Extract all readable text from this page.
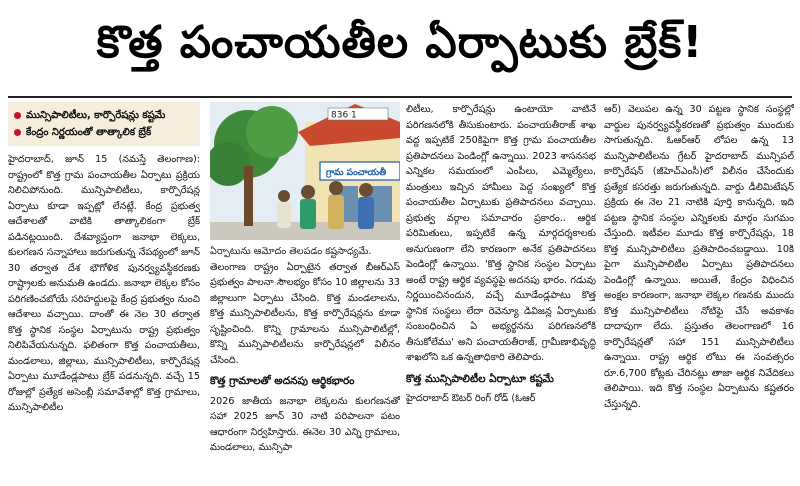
కొత్త పంచాయతీల ఏర్పాటుకు బ్రేక్!
మున్సిపాలిటీలు, కార్పొరేషన్లు కష్టమే
కేంద్రం నిర్ణయంతో తాత్కాలిక బ్రేక్

హైదరాబాద్, జూన్ 15 (నమస్తే తెలంగాణ): రాష్ట్రంలో కొత్త గ్రామ పంచాయతీల ఏర్పాటు ప్రక్రియ నిలిచిపోనుంది. మున్సిపాలిటీలు, కార్పొరేషన్ల ఏర్పాటు కూడా ఇప్పట్లో లేనట్లే. కేంద్ర ప్రభుత్వ ఆదేశాలతో వాటికి తాత్కాలికంగా బ్రేక్ పడినట్లయింది. దేశవ్యాప్తంగా జనాభా లెక్కలు, కులగణన సన్నాహాలు జరుగుతున్న నేపథ్యంలో జూన్ 30 తర్వాత దేశ భౌగోళిక పునర్వ్యవస్థీకరణకు రాష్ట్రాలకు అనుమతి ఉండదు. జనాభా లెక్కల కోసం పరిగణించబోయే సరిహద్దులపై కేంద్ర ప్రభుత్వం నుంచి ఆదేశాలు వచ్చాయి. దాంతో ఈ నెల 30 తర్వాత కొత్త స్థానిక సంస్థల ఏర్పాటును రాష్ట్ర ప్రభుత్వం నిలిపివేయనున్నది. ఫలితంగా కొత్త పంచాయతీలు, మండలాలు, జిల్లాలు, మున్సిపాలిటీలు, కార్పొరేషన్ల ఏర్పాటు మూడేండ్లపాటు బ్రేక్ పడనున్నది. వచ్చే 15 రోజుల్లో ప్రత్యేక అసెంబ్లీ సమావేశాల్లో కొత్త గ్రామాలు, మున్సిపాలిటీల

836 1
గ్రామ పంచాయతీ

ఏర్పాటును ఆమోదం తెలపడం కష్టసాధ్యమే.

తెలంగాణ రాష్ట్రం ఏర్పాటైన తర్వాత బీఆర్ఎస్ ప్రభుత్వం పాలనా సౌలభ్యం కోసం 10 జిల్లాలను 33 జిల్లాలుగా ఏర్పాటు చేసింది. కొత్త మండలాలను, కొత్త మున్సిపాలిటీలను, కొత్త కార్పొరేషన్లను కూడా సృష్టించింది. కొన్ని గ్రామాలను మున్సిపాలిటీల్లో, కొన్ని మున్సిపాలిటీలను కార్పొరేషన్లలో విలీనం చేసింది.

కొత్త గ్రామాలతో అదనపు ఆర్థికభారం

2026 జాతీయ జనాభా లెక్కలను కులగణనతో సహా 2025 జూన్ 30 నాటి పరిపాలనా పటం ఆధారంగా నిర్వహిస్తారు. ఈనెల 30 ఎన్ని గ్రామాలు, మండలాలు, మున్సిపా

లిటీలు, కార్పొరేషన్లు ఉంటాయో వాటినే పరిగణనలోకి తీసుకుంటారు. పంచాయతీరాజ్ శాఖ వద్ద ఇప్పటికే 250కిపైగా కొత్త గ్రామ పంచాయతీల ప్రతిపాదనలు పెండింగ్లో ఉన్నాయి. 2023 శాసనసభ ఎన్నికల సమయంలో ఎంపీలు, ఎమ్మెల్యేలు, మంత్రులు ఇచ్చిన హామీలు పెద్ద సంఖ్యలో కొత్త పంచాయతీల ఏర్పాటుకు ప్రతిపాదనలు వచ్చాయి. ప్రభుత్వ వర్గాల సమాచారం ప్రకారం.. ఆర్థిక పరిమితులు, ఇప్పటికే ఉన్న మార్గదర్శకాలకు అనుగుణంగా లేని కారణంగా అనేక ప్రతిపాదనలు పెండింగ్లో ఉన్నాయి. 'కొత్త స్థానిక సంస్థల ఏర్పాటు అంటే రాష్ట్ర ఆర్థిక వ్యవస్థపై అదనపు భారం. గడువు నిర్ణయించినందున, వచ్చే మూడేండ్లపాటు కొత్త స్థానిక సంస్థలు లేదా రెవెన్యూ డివిజన్ల ఏర్పాటుకు సంబంధించిన ఏ అభ్యర్థనను పరిగణనలోకి తీసుకోలేము' అని పంచాయతీరాజ్, గ్రామీణాభివృద్ధి శాఖలోని ఒక ఉన్నతాధికారి తెలిపారు.

కొత్త మున్సిపాలిటీల ఏర్పాటూ కష్టమే

హైదరాబాద్ ఔటర్ రింగ్ రోడ్ (ఓఆర్

ఆర్) వెలుపల ఉన్న 30 పట్టణ స్థానిక సంస్థల్లో వార్డుల పునర్వ్యవస్థీకరణతో ప్రభుత్వం ముందుకు సాగుతున్నది. ఓఆర్ఆర్ లోపల ఉన్న 13 మున్సిపాలిటీలను గ్రేటర్ హైదరాబాద్ మున్సిపల్ కార్పొరేషన్ (జీహెచ్ఎంసీ)లో విలీనం చేసేందుకు ప్రత్యేక కసరత్తు జరుగుతున్నది. వార్డు డీలిమిటేషన్ ప్రక్రియ ఈ నెల 21 నాటికి పూర్తి కానున్నది. ఇది పట్టణ స్థానిక సంస్థల ఎన్నికలకు మార్గం సుగమం చేస్తుంది. ఇటీవల మూడు కొత్త కార్పొరేషన్లు, 18 కొత్త మున్సిపాలిటీలు ప్రతిపాదించబడ్డాయి. 10కి పైగా మున్సిపాలిటీల ఏర్పాటు ప్రతిపాదనలు పెండింగ్లో ఉన్నాయి. అయితే, కేంద్రం విధించిన అంక్షల కారణంగా, జనాభా లెక్కల గణనకు ముందు కొత్త మున్సిపాలిటీలు నోటిఫై చేసే అవకాశం దాదాపుగా లేదు. ప్రస్తుతం తెలంగాణలో 16 కార్పొరేషన్లతో సహా 151 మున్సిపాలిటీలు ఉన్నాయి. రాష్ట్ర ఆర్థిక లోటు ఈ సంవత్సరం రూ.6,700 కోట్లకు చేరినట్లు తాజా ఆర్థిక నివేదికలు తెలిపాయి. ఇది కొత్త సంస్థల ఏర్పాటును కష్టతరం చేస్తున్నది.
